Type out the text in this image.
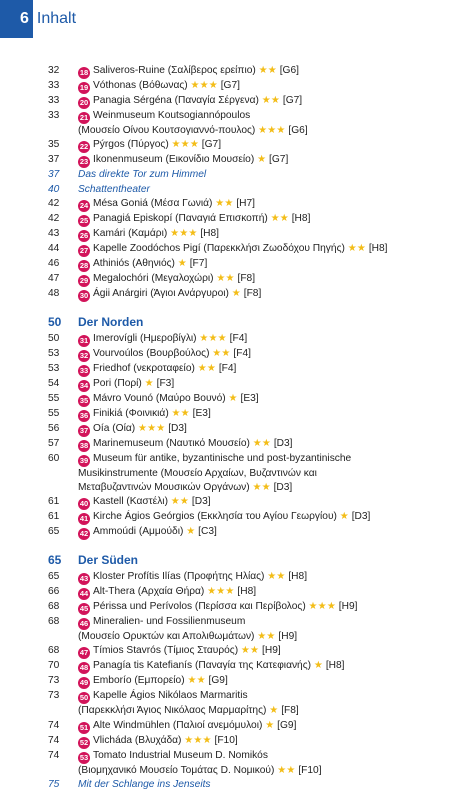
6 Inhalt
32	18 Saliveros-Ruine (Σαλίβερος ερείπιο) ★★ [G6]
33	19 Vóthonas (Βόθωνας) ★★★ [G7]
33	20 Panagia Sérgéna (Παναγία Σέργενα) ★★ [G7]
33	21 Weinmuseum Koutsogiannópoulos
(Μουσείο Οίνου Κουτσογιαννό-πουλος) ★★★ [G6]
35	22 Pýrgos (Πύργος) ★★★ [G7]
37	23 Ikonenmuseum (Εικονίδιο Μουσείο) ★ [G7]
37	Das direkte Tor zum Himmel
40	Schattentheater
42	24 Mésa Goniá (Μέσα Γωνιά) ★★ [H7]
42	25 Panagiá Episkopí (Παναγιά Επισκοπή) ★★ [H8]
43	26 Kamári (Καμάρι) ★★★ [H8]
44	27 Kapelle Zoodóchos Pigí (Παρεκκλήσι Ζωοδόχου Πηγής) ★★ [H8]
46	28 Athiniós (Αθηνιός) ★ [F7]
47	29 Megalochóri (Μεγαλοχώρι) ★★ [F8]
48	30 Ágii Anárgiri (Άγιοι Ανάργυροι) ★ [F8]
50	Der Norden
50	31 Imerovígli (Ημεροβίγλι) ★★★ [F4]
53	32 Vourvoúlos (Βουρβούλος) ★★ [F4]
53	33 Friedhof (νεκροταφείο) ★★ [F4]
54	34 Pori (Πορί) ★ [F3]
55	35 Mávro Vounó (Μαύρο Βουνό) ★ [E3]
55	36 Finikiá (Φοινικιά) ★★ [E3]
56	37 Oía (Οία) ★★★ [D3]
57	38 Marinemuseum (Ναυτικό Μουσείο) ★★ [D3]
60	39 Museum für antike, byzantinische und post-byzantinische
Musikinstrumente (Μουσείο Αρχαίων, Βυζαντινών και
Μεταβυζαντινών Μουσικών Οργάνων) ★★ [D3]
61	40 Kastell (Καστέλι) ★★ [D3]
61	41 Kirche Ágios Geórgios (Εκκλησία του Αγίου Γεωργίου) ★ [D3]
65	42 Ammoúdi (Αμμούδι) ★ [C3]
65	Der Süden
65	43 Kloster Profítis Ilías (Προφήτης Ηλίας) ★★ [H8]
66	44 Alt-Thera (Αρχαία Θήρα) ★★★ [H8]
68	45 Périssa und Perívolos (Περίσσα και Περίβολος) ★★★ [H9]
68	46 Mineralien- und Fossilienmuseum
(Μουσείο Ορυκτών και Απολιθωμάτων) ★★ [H9]
68	47 Tímios Stavrós (Τίμιος Σταυρός) ★★ [H9]
70	48 Panagía tis Katefianís (Παναγία της Κατεφιανής) ★ [H8]
73	49 Emborío (Εμπορείο) ★★ [G9]
73	50 Kapelle Ágios Nikólaos Marmaritis
(Παρεκκλήσι Άγιος Νικόλαος Μαρμαρίτης) ★ [F8]
74	51 Alte Windmühlen (Παλιοί ανεμόμυλοι) ★ [G9]
74	52 Vlicháda (Βλυχάδα) ★★★ [F10]
74	53 Tomato Industrial Museum D. Nomikós
(Βιομηχανικό Μουσείο Τομάτας D. Νομικού) ★★ [F10]
75	Mit der Schlange ins Jenseits
